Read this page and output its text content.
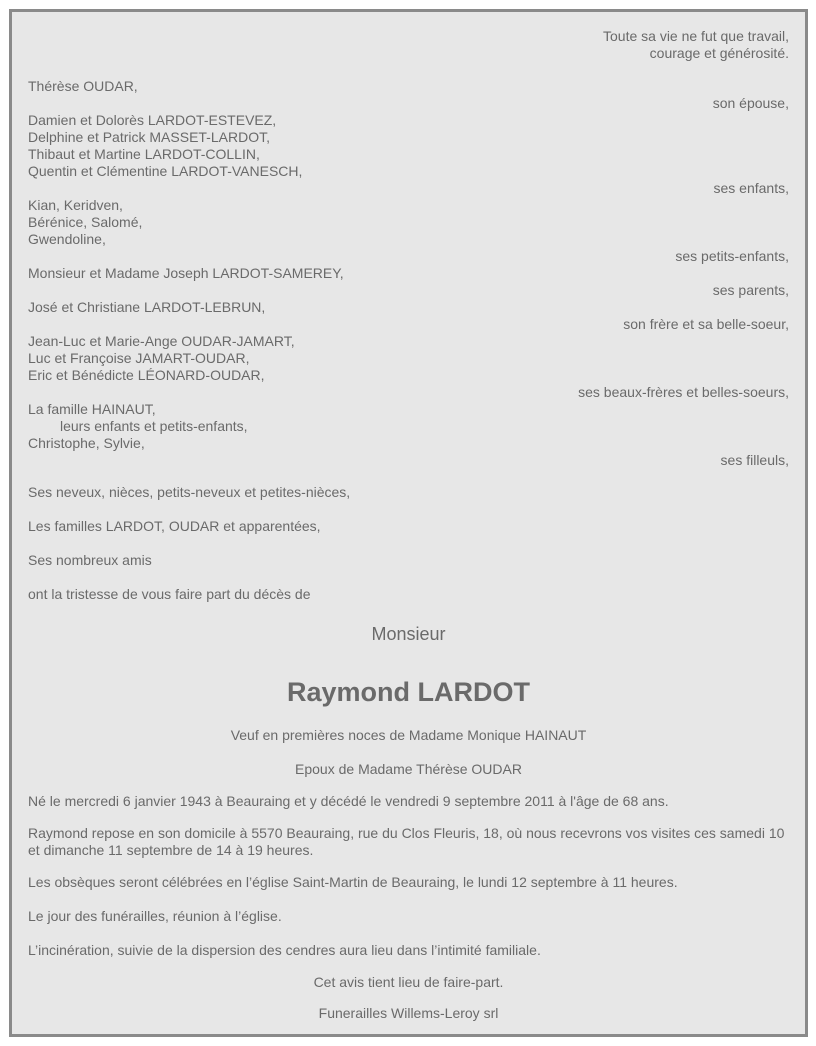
Toute sa vie ne fut que travail,
courage et générosité.
Thérèse OUDAR,
son épouse,
Damien et Dolorès LARDOT-ESTEVEZ,
Delphine et Patrick MASSET-LARDOT,
Thibaut et Martine LARDOT-COLLIN,
Quentin et Clémentine LARDOT-VANESCH,
ses enfants,
Kian, Keridven,
Bérénice, Salomé,
Gwendoline,
ses petits-enfants,
Monsieur et Madame Joseph LARDOT-SAMEREY,
ses parents,
José et Christiane LARDOT-LEBRUN,
son frère et sa belle-soeur,
Jean-Luc et Marie-Ange OUDAR-JAMART,
Luc et Françoise JAMART-OUDAR,
Eric et Bénédicte LÉONARD-OUDAR,
ses beaux-frères et belles-soeurs,
La famille HAINAUT,
leurs enfants et petits-enfants,
Christophe, Sylvie,
ses filleuls,
Ses neveux, nièces, petits-neveux et petites-nièces,
Les familles LARDOT, OUDAR et apparentées,
Ses nombreux amis
ont la tristesse de vous faire part du décès de
Monsieur
Raymond LARDOT
Veuf en premières noces de Madame Monique HAINAUT
Epoux de Madame Thérèse OUDAR
Né le mercredi 6 janvier 1943 à Beauraing et y décédé le vendredi 9 septembre 2011 à l'âge de 68 ans.
Raymond repose en son domicile à 5570 Beauraing, rue du Clos Fleuris, 18, où nous recevrons vos visites ces samedi 10 et dimanche 11 septembre de 14 à 19 heures.
Les obsèques seront célébrées en l’église Saint-Martin de Beauraing, le lundi 12 septembre à 11 heures.
Le jour des funérailles, réunion à l’église.
L’incinération, suivie de la dispersion des cendres aura lieu dans l’intimité familiale.
Cet avis tient lieu de faire-part.
Funerailles Willems-Leroy srl
